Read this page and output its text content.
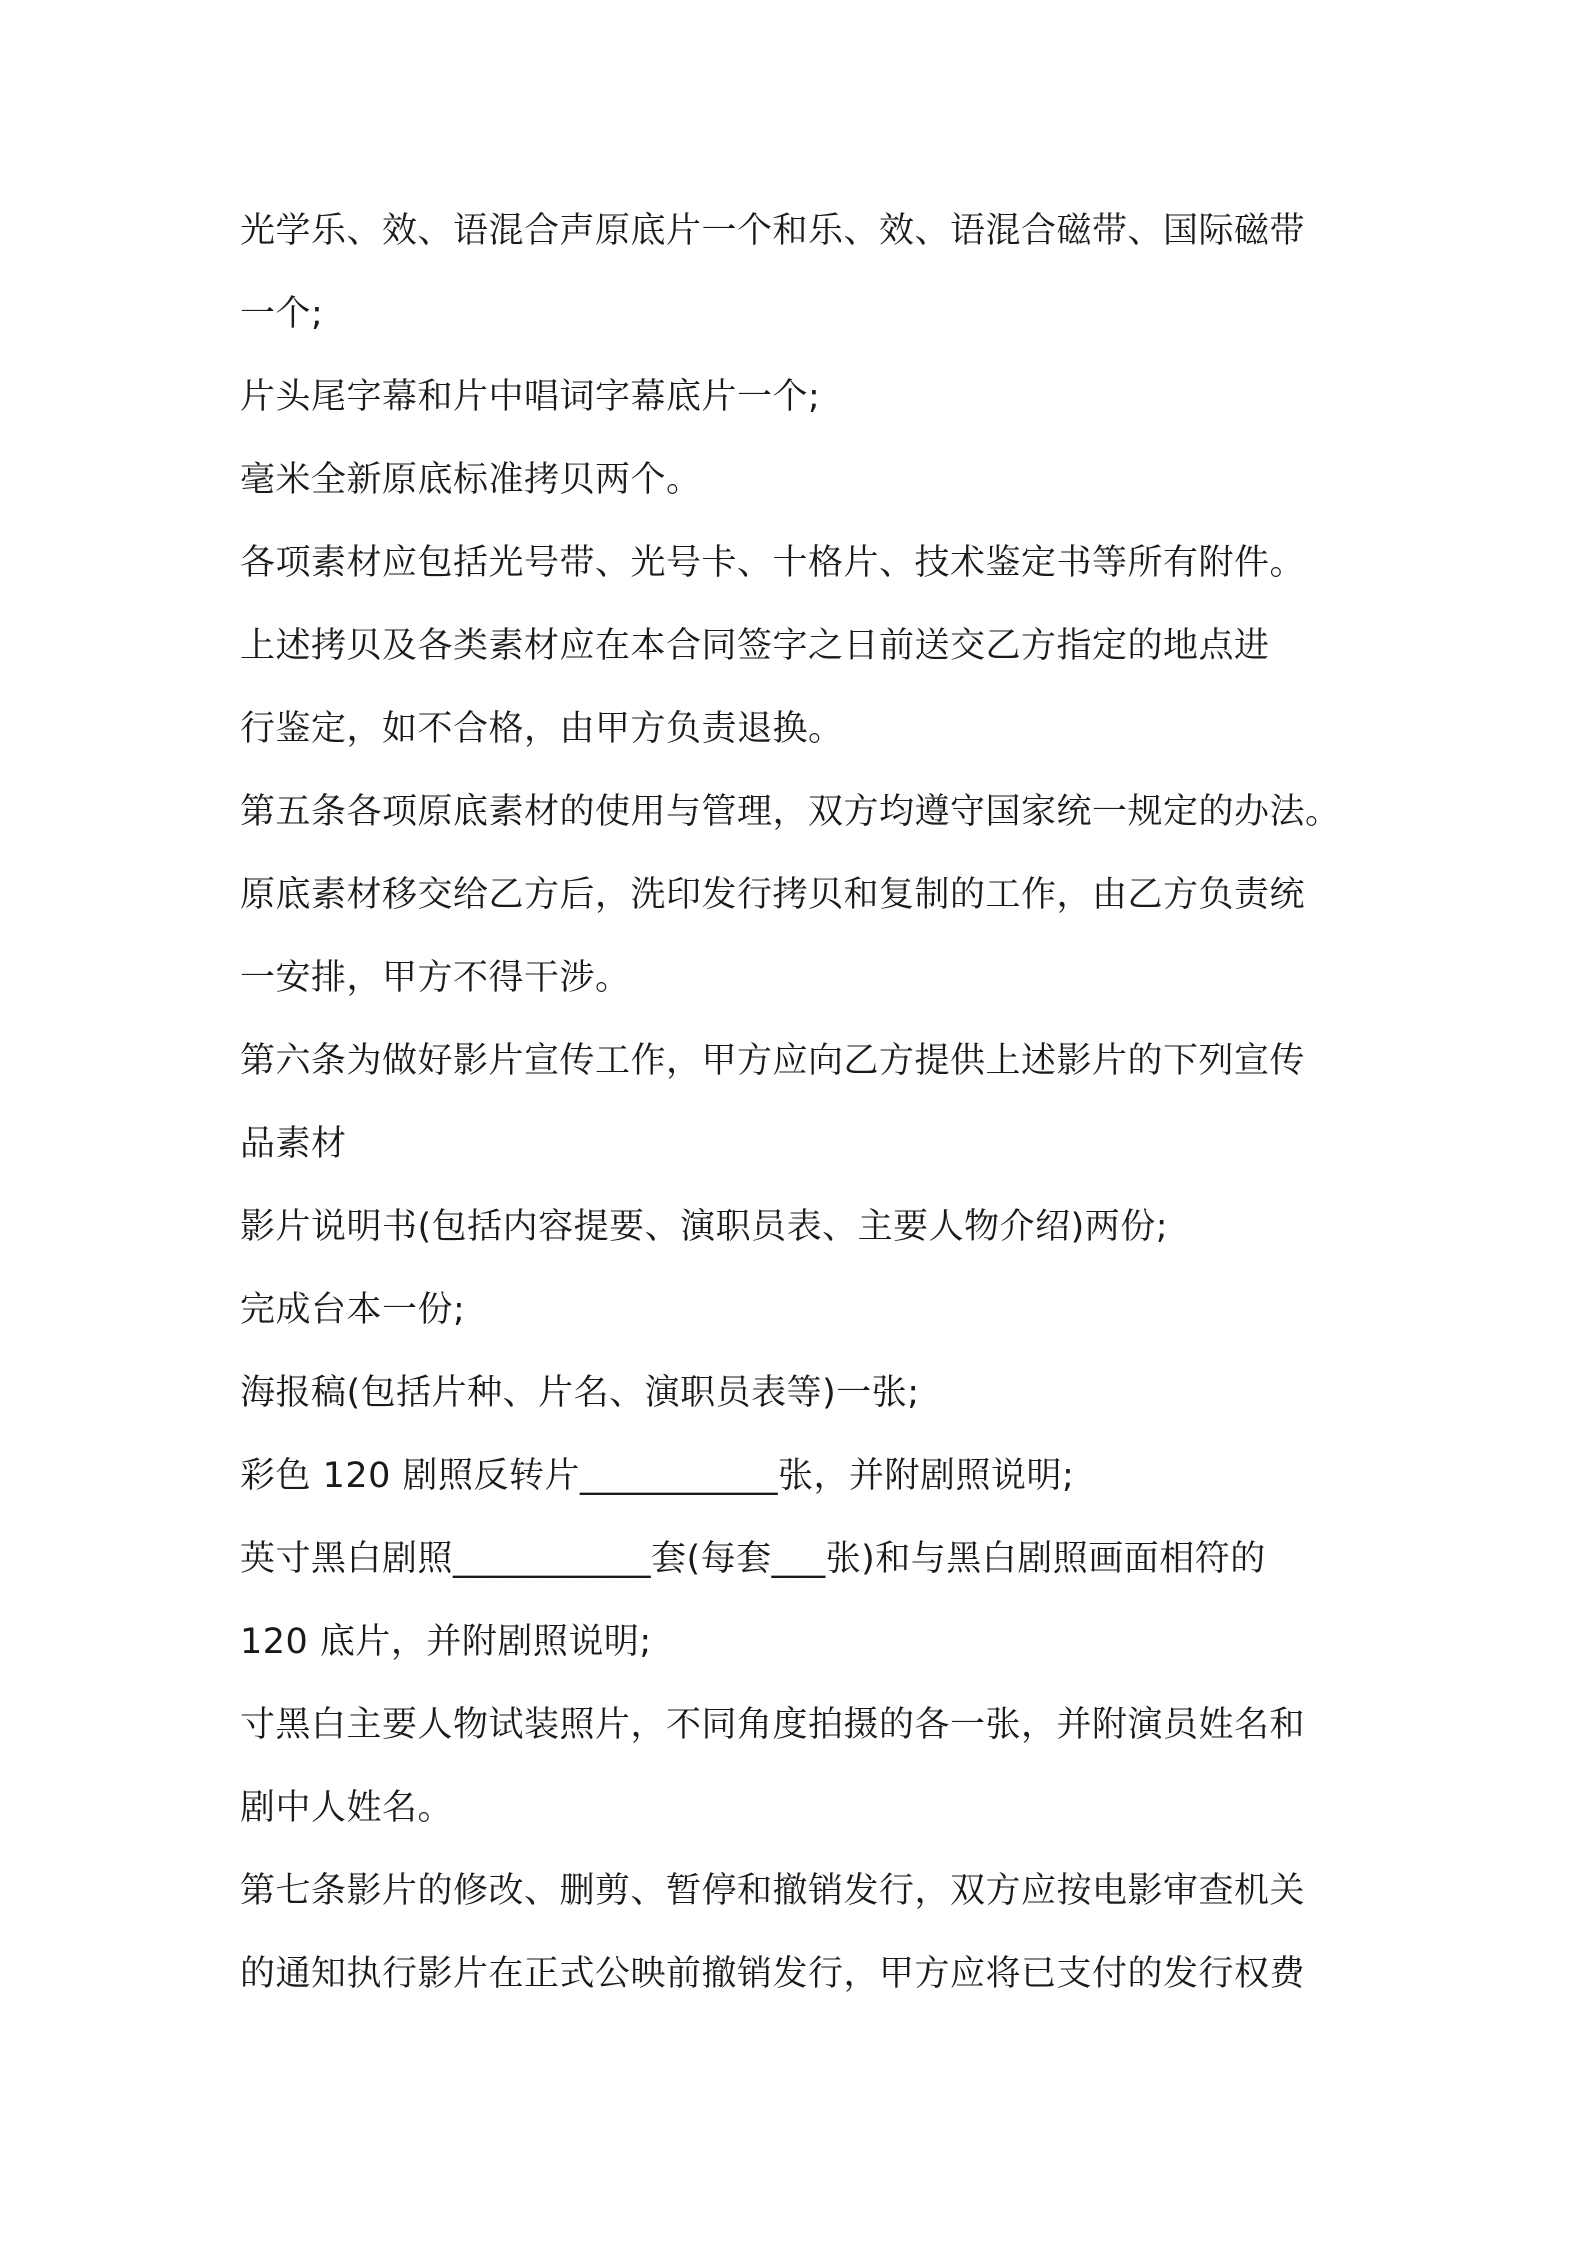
光学乐、效、语混合声原底片一个和乐、效、语混合磁带、国际磁带
一个;
片头尾字幕和片中唱词字幕底片一个;
毫米全新原底标准拷贝两个。
各项素材应包括光号带、光号卡、十格片、技术鉴定书等所有附件。
上述拷贝及各类素材应在本合同签字之日前送交乙方指定的地点进
行鉴定，如不合格，由甲方负责退换。
第五条各项原底素材的使用与管理，双方均遵守国家统一规定的办法。
原底素材移交给乙方后，洗印发行拷贝和复制的工作，由乙方负责统
一安排，甲方不得干涉。
第六条为做好影片宣传工作，甲方应向乙方提供上述影片的下列宣传
品素材
影片说明书(包括内容提要、演职员表、主要人物介绍)两份;
完成台本一份;
海报稿(包括片种、片名、演职员表等)一张;
彩色 120 剧照反转片___________张，并附剧照说明;
英寸黑白剧照___________套(每套___张)和与黑白剧照画面相符的
120 底片，并附剧照说明;
寸黑白主要人物试装照片，不同角度拍摄的各一张，并附演员姓名和
剧中人姓名。
第七条影片的修改、删剪、暂停和撤销发行，双方应按电影审查机关
的通知执行影片在正式公映前撤销发行，甲方应将已支付的发行权费
